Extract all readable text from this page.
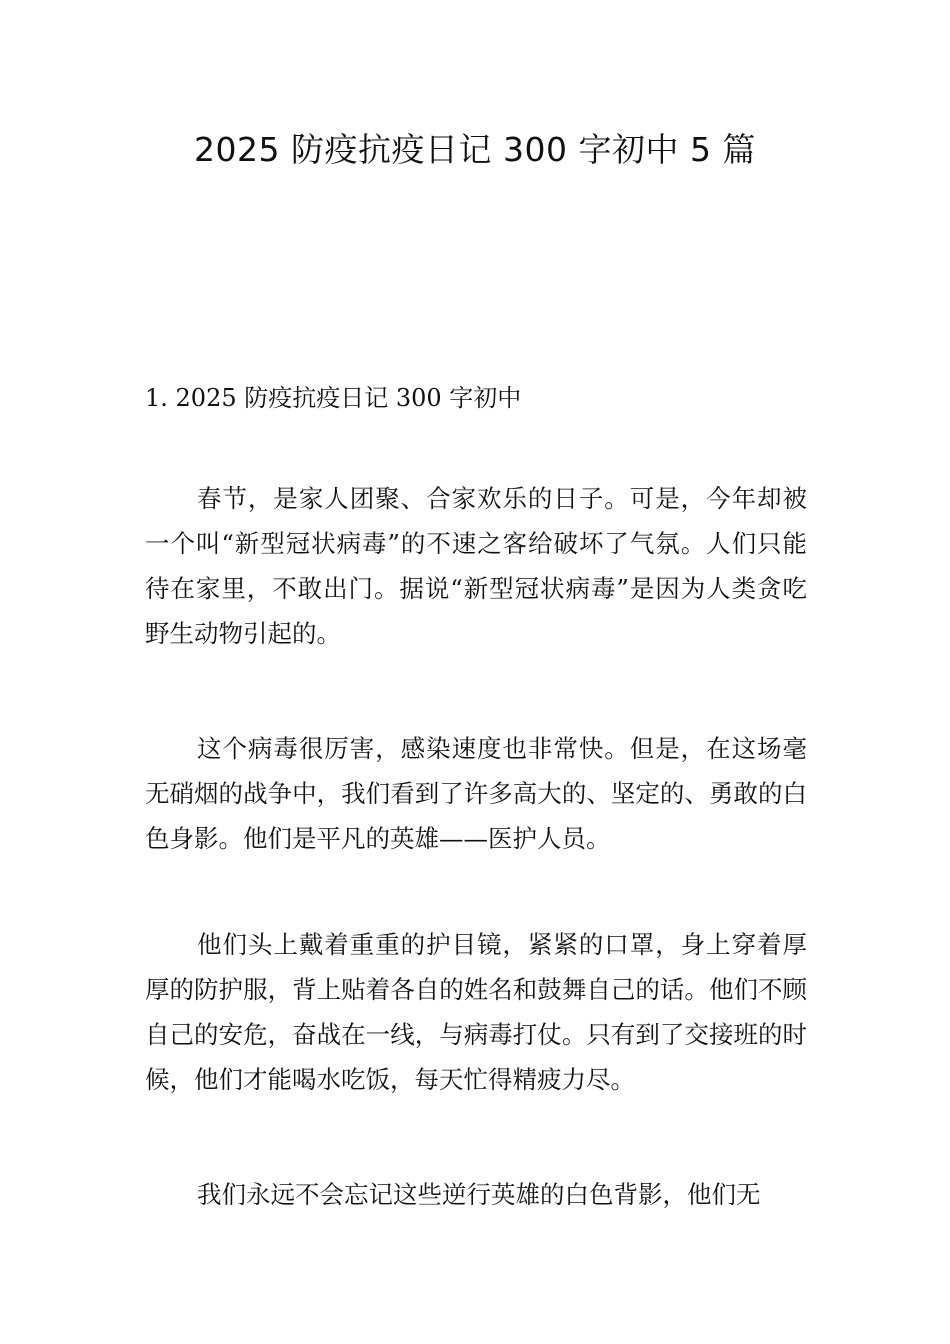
2025 防疫抗疫日记 300 字初中 5 篇
1. 2025 防疫抗疫日记 300 字初中

春节，是家人团聚、合家欢乐的日子。可是，今年却被一个叫“新型冠状病毒”的不速之客给破坏了气氛。人们只能待在家里，不敢出门。据说“新型冠状病毒”是因为人类贪吃野生动物引起的。

这个病毒很厉害，感染速度也非常快。但是，在这场毫无硝烟的战争中，我们看到了许多高大的、坚定的、勇敢的白色身影。他们是平凡的英雄——医护人员。

他们头上戴着重重的护目镜，紧紧的口罩，身上穿着厚厚的防护服，背上贴着各自的姓名和鼓舞自己的话。他们不顾自己的安危，奋战在一线，与病毒打仗。只有到了交接班的时候，他们才能喝水吃饭，每天忙得精疲力尽。

我们永远不会忘记这些逆行英雄的白色背影，他们无
